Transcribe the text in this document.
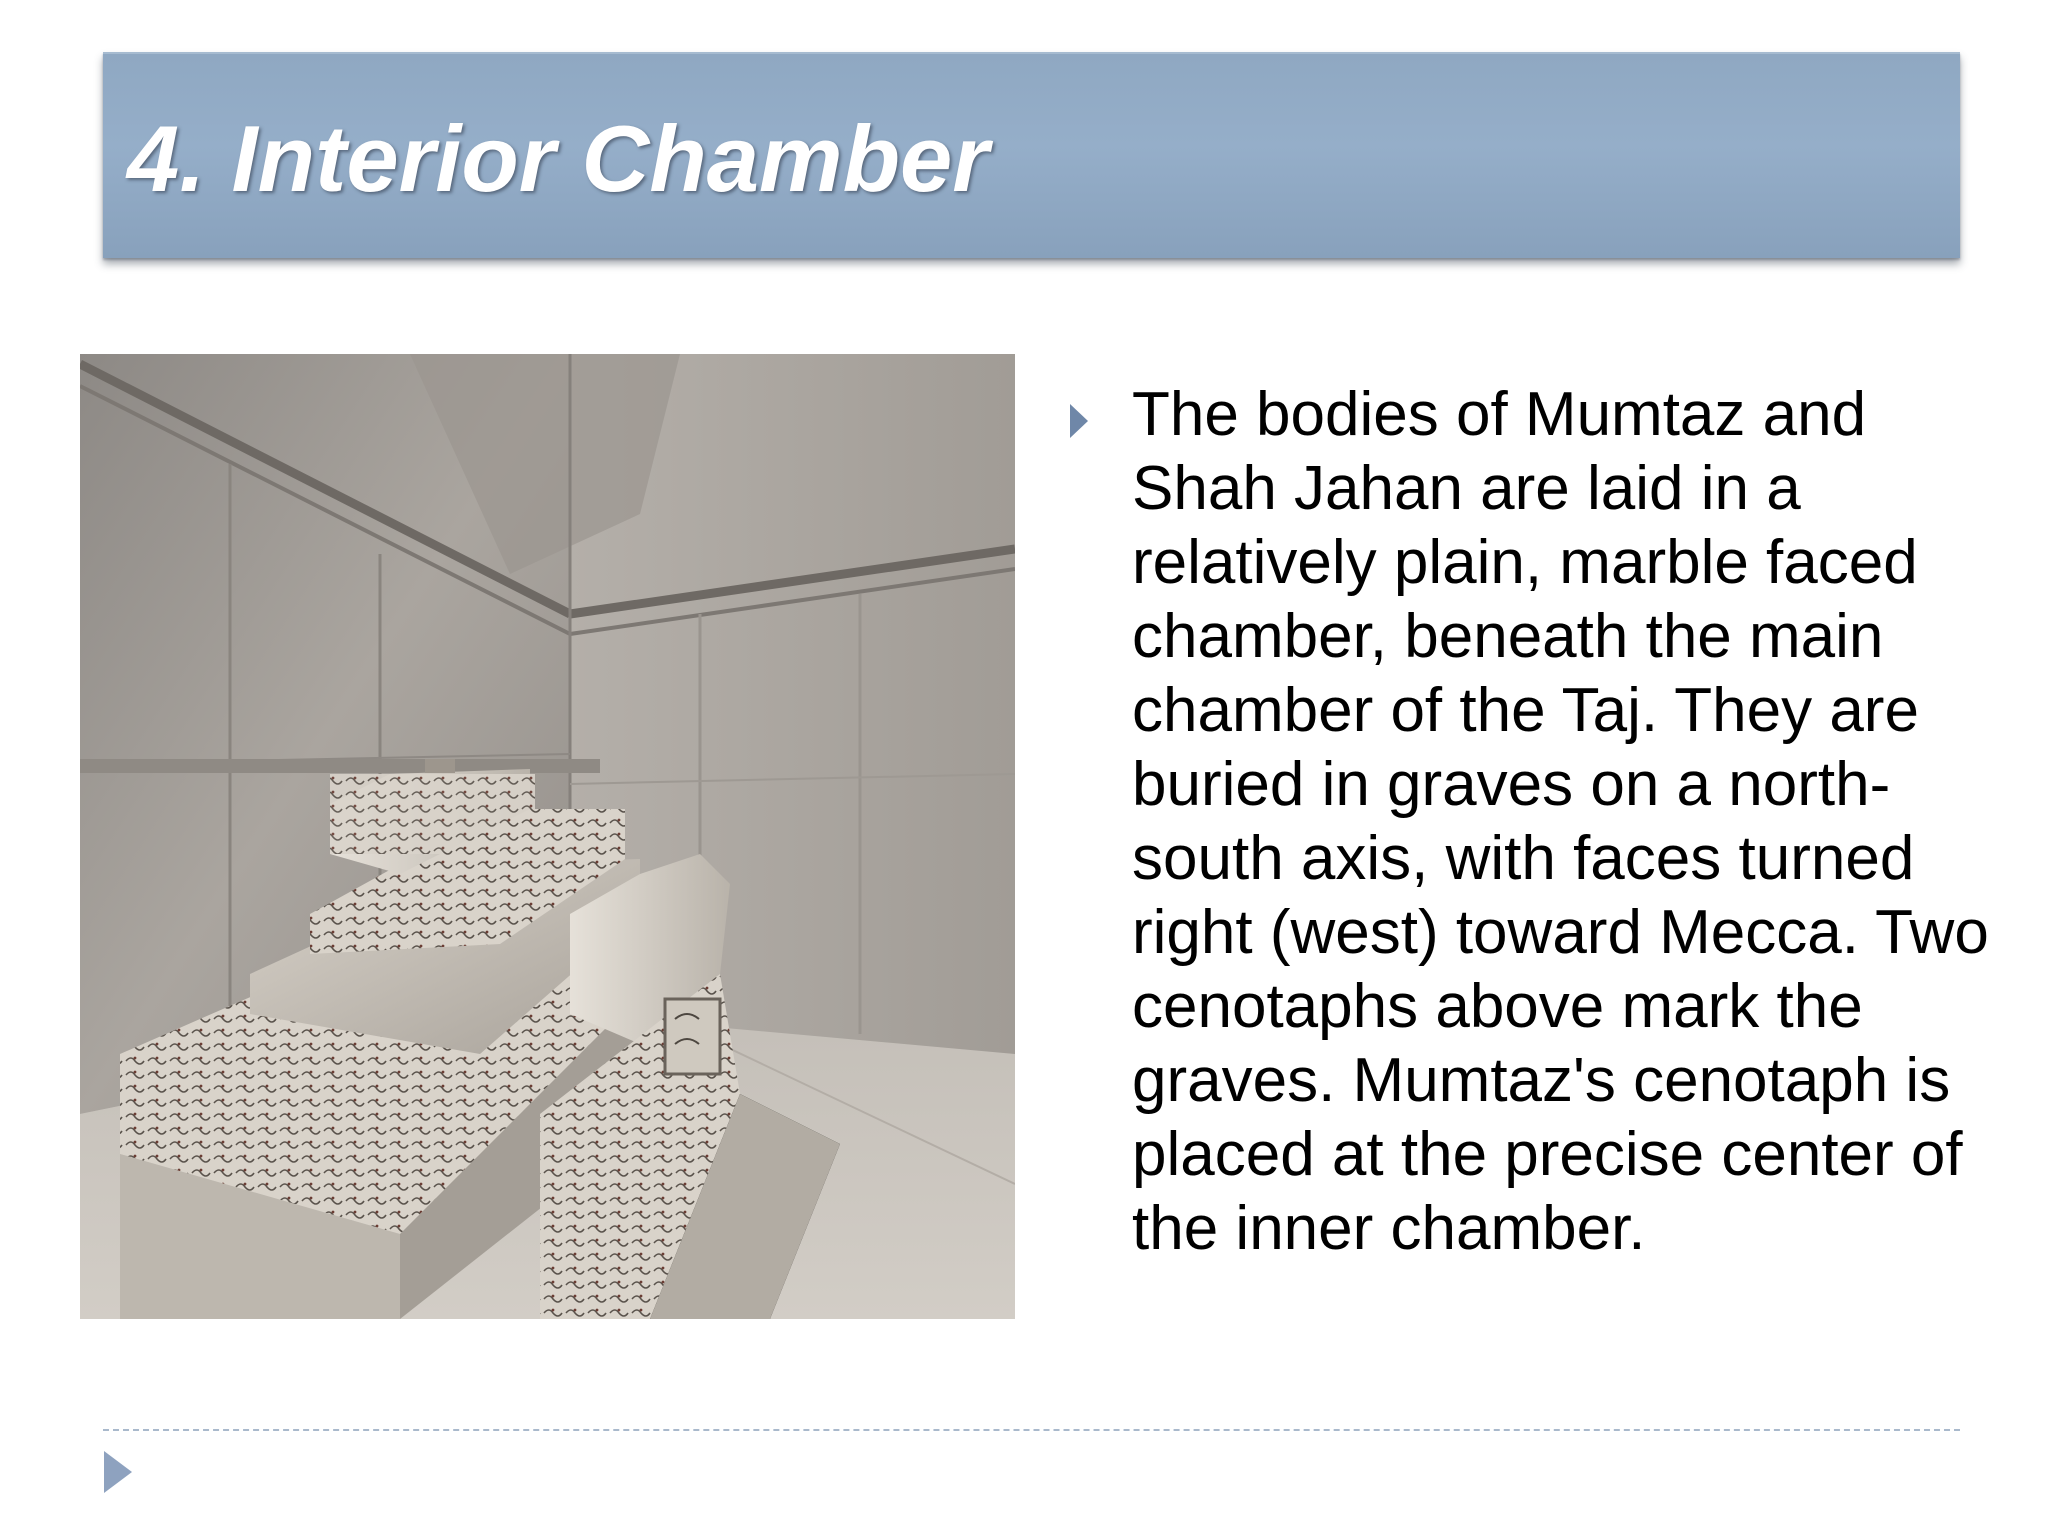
4. Interior Chamber
The bodies of Mumtaz and Shah Jahan are laid in a relatively plain, marble faced chamber, beneath the main chamber of the Taj. They are buried in graves on a north-south axis, with faces turned right (west) toward Mecca. Two cenotaphs above mark the graves. Mumtaz's cenotaph is placed at the precise center of the inner chamber.
